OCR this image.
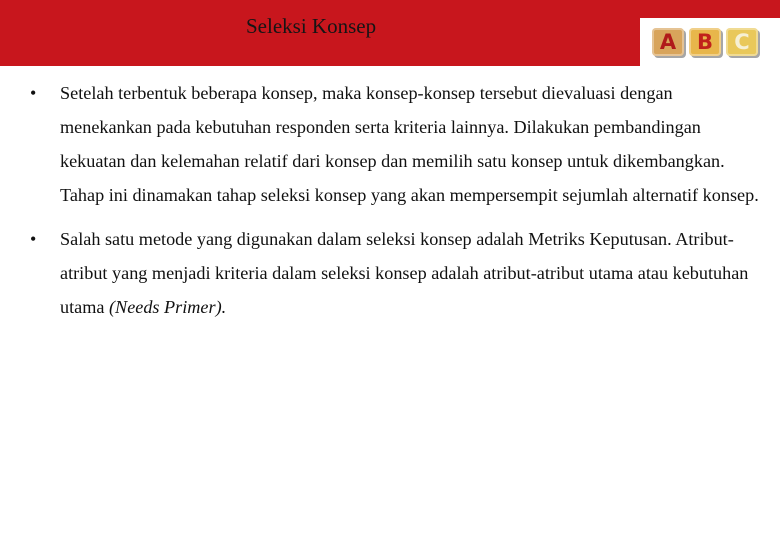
Seleksi Konsep
A B	C

• Setelah terbentuk beberapa konsep, maka konsep-konsep tersebut dievaluasi dengan menekankan pada kebutuhan responden serta kriteria lainnya. Dilakukan pembandingan kekuatan dan kelemahan relatif dari konsep dan memilih satu konsep untuk dikembangkan. Tahap ini dinamakan tahap seleksi konsep yang akan mempersempit sejumlah alternatif konsep.

• Salah satu metode yang digunakan dalam seleksi konsep adalah Metriks Keputusan. Atribut-atribut yang menjadi kriteria dalam seleksi konsep adalah atribut-atribut utama atau kebutuhan utama (Needs Primer).
